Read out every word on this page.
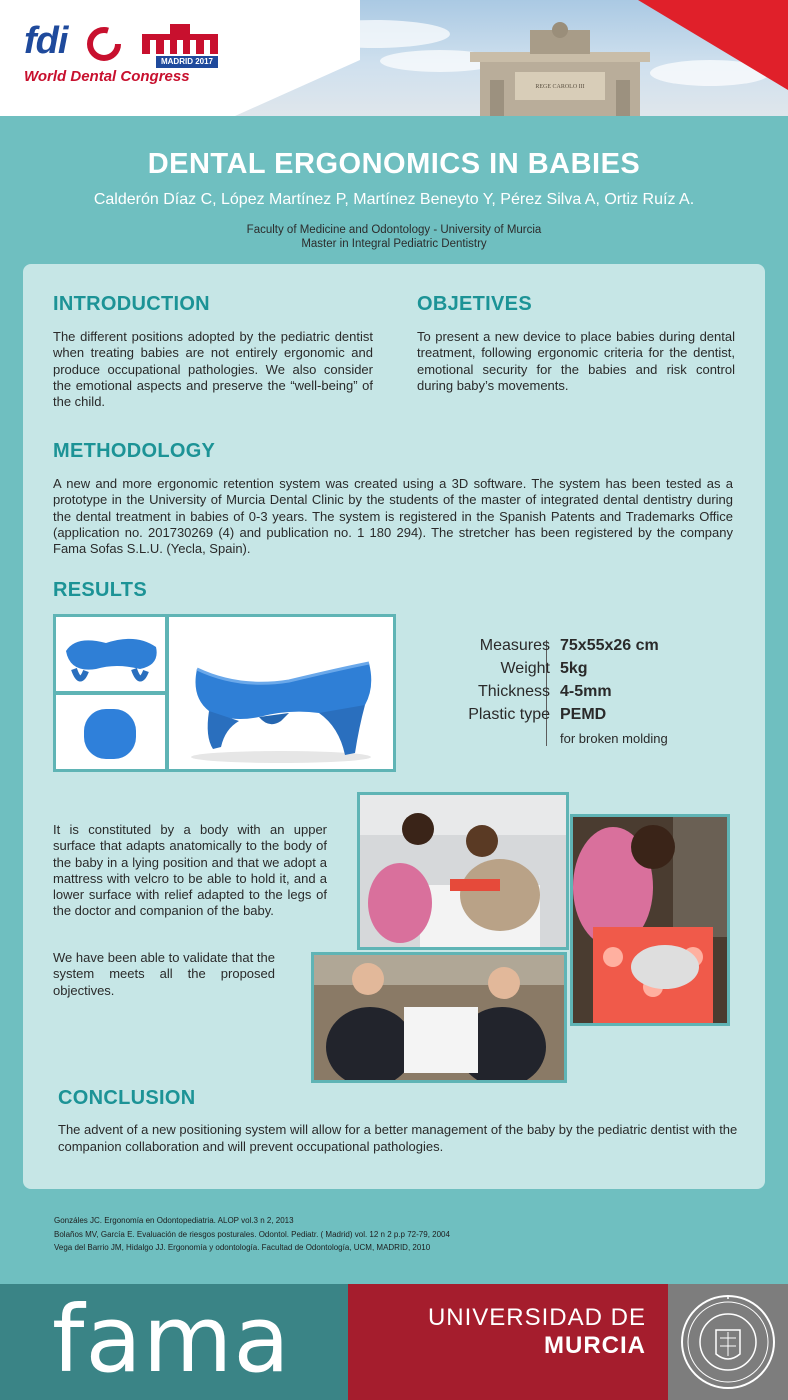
REGE CAROLO III
fdi	MADRID 2017
World Dental Congress
DENTAL ERGONOMICS IN BABIES
Calderón Díaz C, López Martínez P, Martínez Beneyto Y, Pérez Silva A, Ortiz Ruíz A.
Faculty of Medicine and Odontology - University of Murcia
Master in Integral Pediatric Dentistry
INTRODUCTION
The different positions adopted by the pediatric dentist when treating babies are not entirely ergonomic and produce occupational pathologies. We also consider the emotional aspects and preserve the “well-being” of the child.
OBJETIVES
To present a new device to place babies during dental treatment, following ergonomic criteria for the dentist, emotional security for the babies and risk control during baby’s movements.
METHODOLOGY
A new and more ergonomic retention system was created using a 3D software. The system has been tested as a prototype in the University of Murcia Dental Clinic by the students of the master of integrated dental dentistry during the dental treatment in babies of 0-3 years. The system is registered in the Spanish Patents and Trademarks Office (application no. 201730269 (4) and publication no. 1 180 294). The stretcher has been registered by the company Fama Sofas S.L.U. (Yecla, Spain).
RESULTS
Measures 75x55x26 cm
Weight 5kg
Thickness 4-5mm
Plastic type PEMD
for broken molding
It is constituted by a body with an upper surface that adapts anatomically to the body of the baby in a lying position and that we adopt a mattress with velcro to be able to hold it, and a lower surface with relief adapted to the legs of the doctor and companion of the baby.
We have been able to validate that the system meets all the proposed objectives.
CONCLUSION
The advent of a new positioning system will allow for a better management of the baby by the pediatric dentist with the companion collaboration and will prevent occupational pathologies.
Gonzáles JC. Ergonomía en Odontopediatria. ALOP vol.3 n 2, 2013
Bolaños MV, García E. Evaluación de riesgos posturales. Odontol. Pediatr. ( Madrid) vol. 12 n 2 p.p 72-79, 2004
Vega del Barrio JM, Hidalgo JJ. Ergonomía y odontología. Facultad de Odontología, UCM, MADRID, 2010
fama	UNIVERSIDAD DE
MURCIA
